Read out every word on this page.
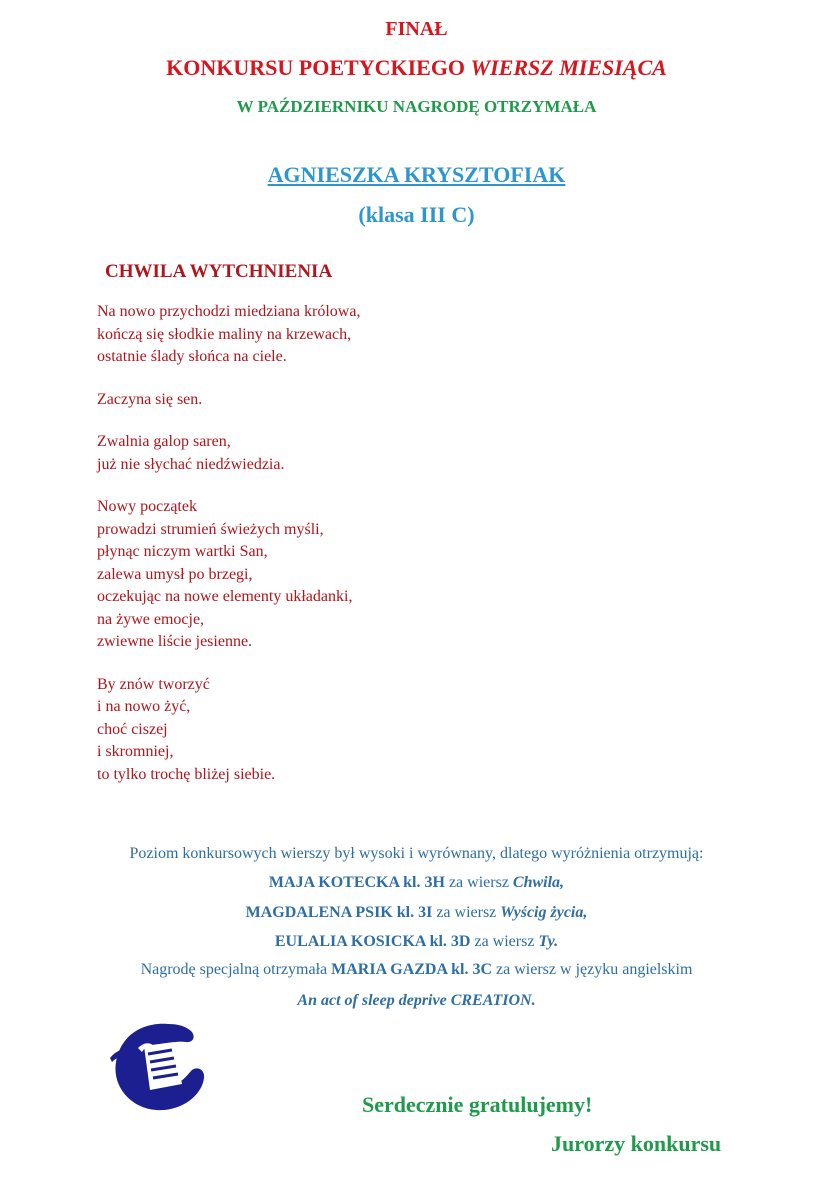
FINAŁ
KONKURSU POETYCKIEGO WIERSZ MIESIĄCA
W PAŹDZIERNIKU NAGRODĘ OTRZYMAŁA
AGNIESZKA KRYSZTOFIAK
(klasa III C)
CHWILA WYTCHNIENIA
Na nowo przychodzi miedziana królowa,
kończą się słodkie maliny na krzewach,
ostatnie ślady słońca na ciele.
Zaczyna się sen.
Zwalnia galop saren,
już nie słychać niedźwiedzia.
Nowy początek
prowadzi strumień świeżych myśli,
płynąc niczym wartki San,
zalewa umysł po brzegi,
oczekując na nowe elementy układanki,
na żywe emocje,
zwiewne liście jesienne.
By znów tworzyć
i na nowo żyć,
choć ciszej
i skromniej,
to tylko trochę bliżej siebie.
Poziom konkursowych wierszy był wysoki i wyrównany, dlatego wyróżnienia otrzymują:
MAJA KOTECKA kl. 3H za wiersz Chwila,
MAGDALENA PSIK kl. 3I za wiersz Wyścig życia,
EULALIA KOSICKA kl. 3D za wiersz Ty.
Nagrodę specjalną otrzymała MARIA GAZDA kl. 3C za wiersz w języku angielskim
An act of sleep deprive CREATION.
Serdecznie gratulujemy!
Jurorzy konkursu
